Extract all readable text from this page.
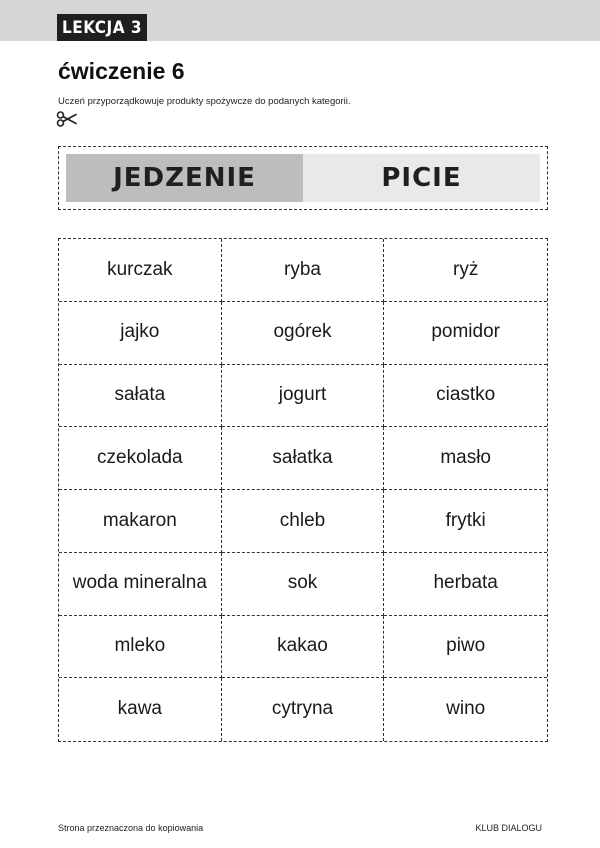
LEKCJA 3
ćwiczenie 6

Uczeń przyporządkowuje produkty spożywcze do podanych kategorii.

JEDZENIE	PICIE
kurczak	ryba	ryż
jajko	ogórek	pomidor
sałata	jogurt	ciastko
czekolada	sałatka	masło
makaron	chleb	frytki
woda mineralna	sok	herbata
mleko	kakao	piwo
kawa	cytryna	wino

Strona przeznaczona do kopiowania	KLUB DIALOGU
